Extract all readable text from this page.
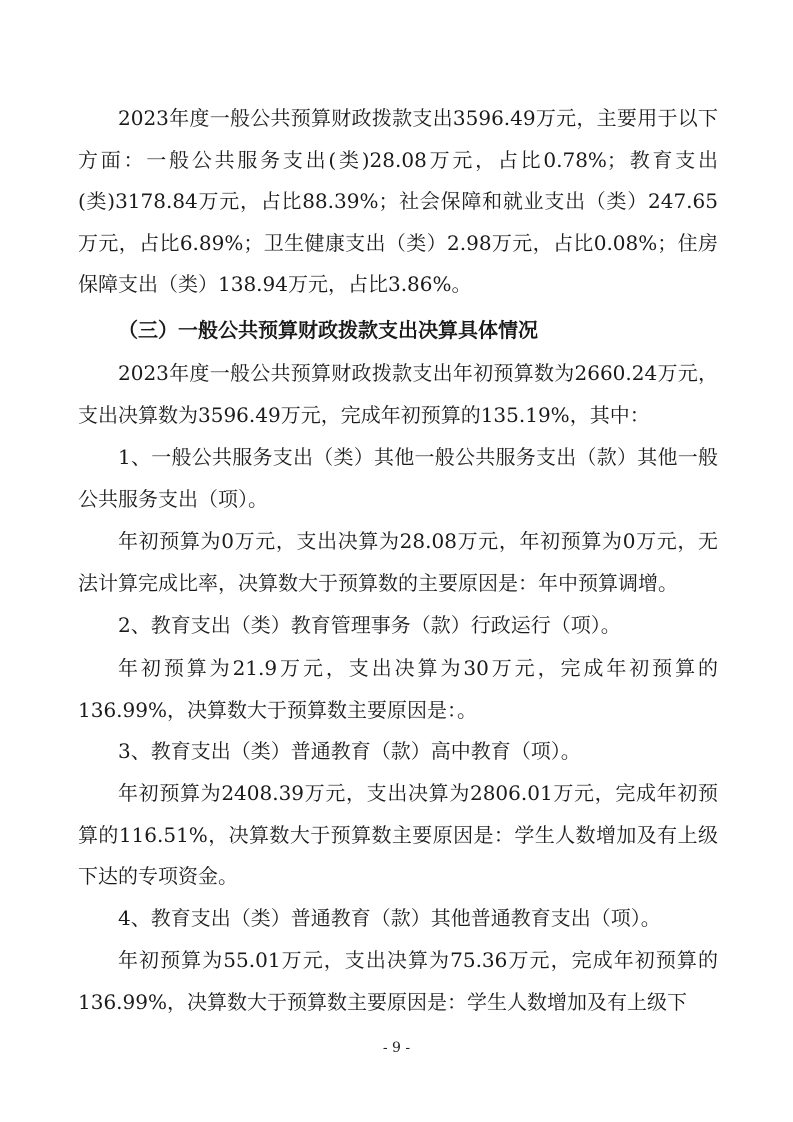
2023年度一般公共预算财政拨款支出3596.49万元，主要用于以下方面：一般公共服务支出(类)28.08万元，占比0.78%；教育支出(类)3178.84万元，占比88.39%；社会保障和就业支出（类）247.65万元，占比6.89%；卫生健康支出（类）2.98万元，占比0.08%；住房保障支出（类）138.94万元，占比3.86%。

（三）一般公共预算财政拨款支出决算具体情况

2023年度一般公共预算财政拨款支出年初预算数为2660.24万元，支出决算数为3596.49万元，完成年初预算的135.19%，其中：

1、一般公共服务支出（类）其他一般公共服务支出（款）其他一般公共服务支出（项）。

年初预算为0万元，支出决算为28.08万元，年初预算为0万元，无法计算完成比率，决算数大于预算数的主要原因是：年中预算调增。

2、教育支出（类）教育管理事务（款）行政运行（项）。

年初预算为21.9万元，支出决算为30万元，完成年初预算的136.99%，决算数大于预算数主要原因是：。

3、教育支出（类）普通教育（款）高中教育（项）。

年初预算为2408.39万元，支出决算为2806.01万元，完成年初预算的116.51%，决算数大于预算数主要原因是：学生人数增加及有上级下达的专项资金。

4、教育支出（类）普通教育（款）其他普通教育支出（项）。

年初预算为55.01万元，支出决算为75.36万元，完成年初预算的136.99%，决算数大于预算数主要原因是：学生人数增加及有上级下

- 9 -
